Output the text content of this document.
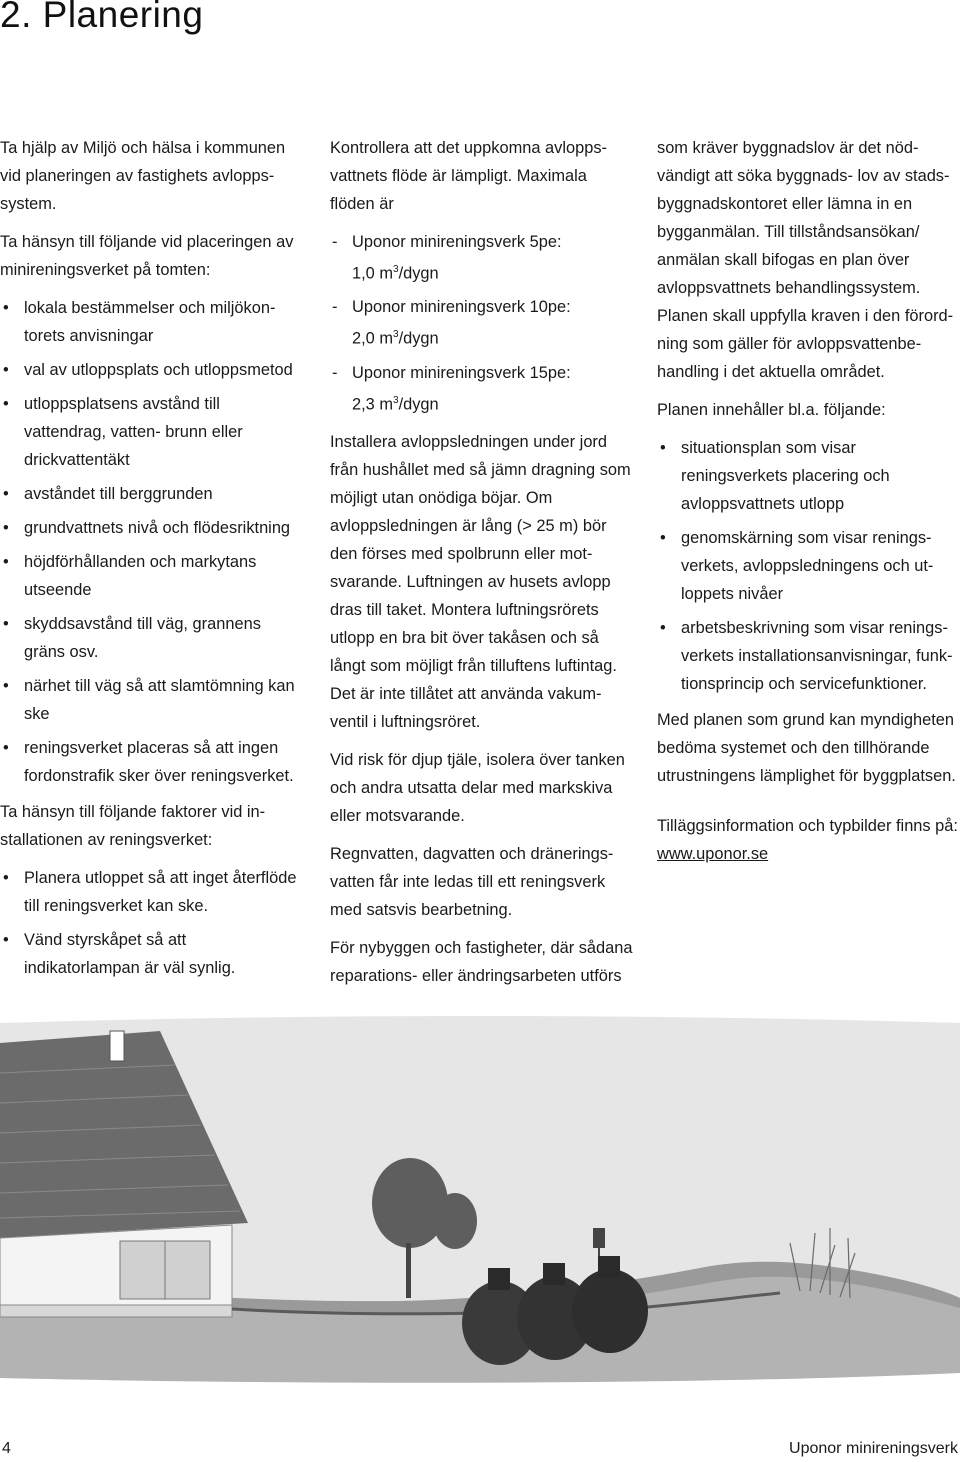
2. Planering

Ta hjälp av Miljö och hälsa i kommunen vid planeringen av fastighets avlopps-system.

Ta hänsyn till följande vid placeringen av minireningsverket på tomten:

• lokala bestämmelser och miljökon-torets anvisningar
• val av utloppsplats och utloppsmetod
• utloppsplatsens avstånd till vattendrag, vatten- brunn eller drickvattentäkt
• avståndet till berggrunden
• grundvattnets nivå och flödesriktning
• höjdförhållanden och markytans utseende
• skyddsavstånd till väg, grannens gräns osv.
• närhet till väg så att slamtömning kan ske
• reningsverket placeras så att ingen fordonstrafik sker över reningsverket.

Ta hänsyn till följande faktorer vid in-stallationen av reningsverket:

• Planera utloppet så att inget återflöde till reningsverket kan ske.
• Vänd styrskåpet så att indikatorlampan är väl synlig.

Kontrollera att det uppkomna avlopps-vattnets flöde är lämpligt. Maximala flöden är

- Uponor minireningsverk 5pe:
1,0 $m^3$/dygn
- Uponor minireningsverk 10pe:
2,0 $m^3$/dygn
- Uponor minireningsverk 15pe:
2,3 $m^3$/dygn

Installera avloppsledningen under jord från hushållet med så jämn dragning som möjligt utan onödiga böjar. Om avloppsledningen är lång (> 25 m) bör den förses med spolbrunn eller mot-svarande. Luftningen av husets avlopp dras till taket. Montera luftningsrörets utlopp en bra bit över takåsen och så långt som möjligt från tilluftens luftintag. Det är inte tillåtet att använda vakum-ventil i luftningsröret.

Vid risk för djup tjäle, isolera över tanken och andra utsatta delar med markskiva eller motsvarande.

Regnvatten, dagvatten och dränerings-vatten får inte ledas till ett reningsverk med satsvis bearbetning.

För nybyggen och fastigheter, där sådana reparations- eller ändringsarbeten utförs

som kräver byggnadslov är det nöd-vändigt att söka byggnads- lov av stads-byggnadskontoret eller lämna in en bygganmälan. Till tillståndsansökan/ anmälan skall bifogas en plan över avloppsvattnets behandlingssystem. Planen skall uppfylla kraven i den förord-ning som gäller för avloppsvattenbe-handling i det aktuella området.

Planen innehåller bl.a. följande:

• situationsplan som visar reningsverkets placering och avloppsvattnets utlopp
• genomskärning som visar renings-verkets, avloppsledningens och ut-loppets nivåer
• arbetsbeskrivning som visar renings-verkets installationsanvisningar, funk-tionsprincip och servicefunktioner.

Med planen som grund kan myndigheten bedöma systemet och den tillhörande utrustningens lämplighet för byggplatsen.

Tilläggsinformation och typbilder finns på: www.uponor.se

4	Uponor minireningsverk
